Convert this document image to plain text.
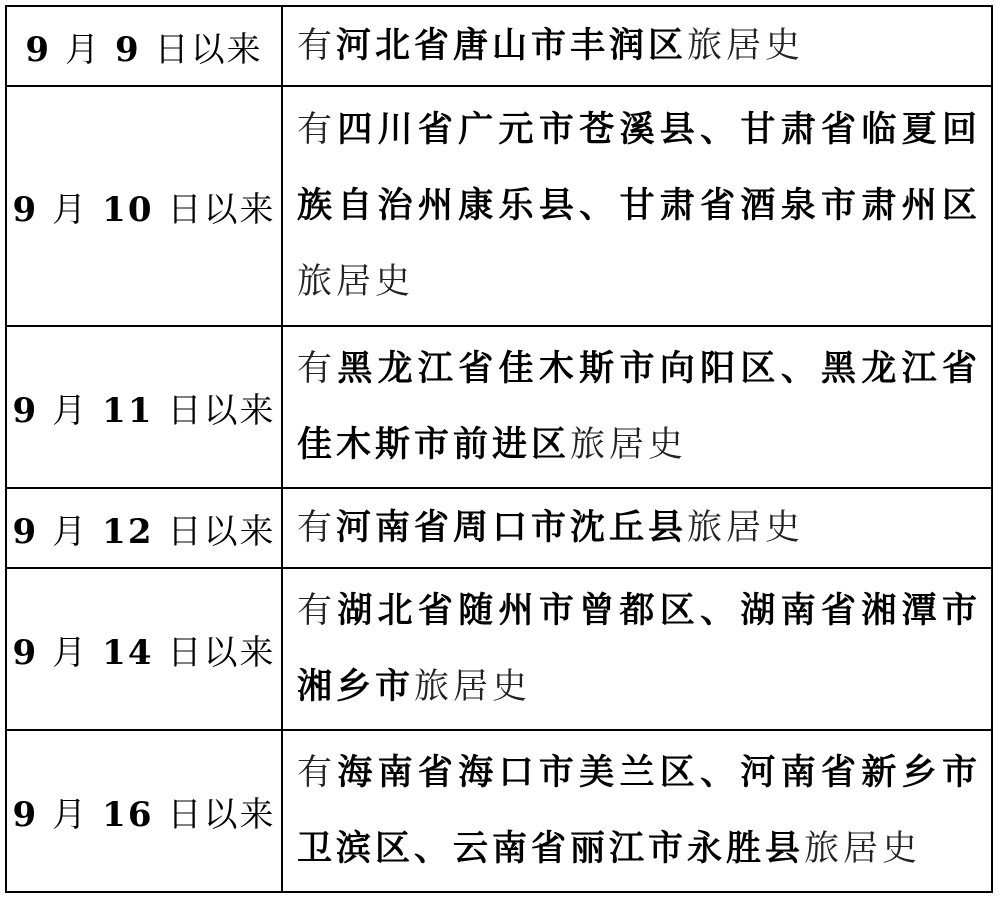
9 月 9 日以来	有河北省唐山市丰润区旅居史
9 月 10 日以来	有四川省广元市苍溪县、甘肃省临夏回族自治州康乐县、甘肃省酒泉市肃州区旅居史
9 月 11 日以来	有黑龙江省佳木斯市向阳区、黑龙江省佳木斯市前进区旅居史
9 月 12 日以来	有河南省周口市沈丘县旅居史
9 月 14 日以来	有湖北省随州市曾都区、湖南省湘潭市湘乡市旅居史
9 月 16 日以来	有海南省海口市美兰区、河南省新乡市卫滨区、云南省丽江市永胜县旅居史
